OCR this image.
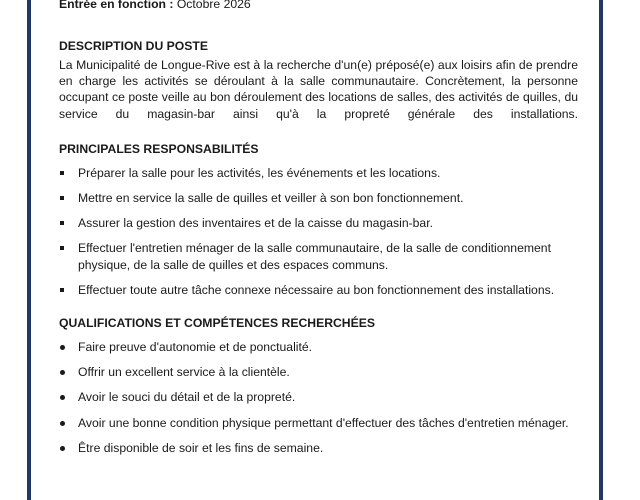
Entrée en fonction : Octobre 2026

DESCRIPTION DU POSTE

La Municipalité de Longue-Rive est à la recherche d'un(e) préposé(e) aux loisirs afin de prendre en charge les activités se déroulant à la salle communautaire. Concrètement, la personne occupant ce poste veille au bon déroulement des locations de salles, des activités de quilles, du service du magasin-bar ainsi qu'à la propreté générale des installations.

PRINCIPALES RESPONSABILITÉS
Préparer la salle pour les activités, les événements et les locations.
Mettre en service la salle de quilles et veiller à son bon fonctionnement.
Assurer la gestion des inventaires et de la caisse du magasin-bar.
Effectuer l'entretien ménager de la salle communautaire, de la salle de conditionnement physique, de la salle de quilles et des espaces communs.
Effectuer toute autre tâche connexe nécessaire au bon fonctionnement des installations.
QUALIFICATIONS ET COMPÉTENCES RECHERCHÉES
Faire preuve d'autonomie et de ponctualité.
Offrir un excellent service à la clientèle.
Avoir le souci du détail et de la propreté.
Avoir une bonne condition physique permettant d'effectuer des tâches d'entretien ménager.
Être disponible de soir et les fins de semaine.
